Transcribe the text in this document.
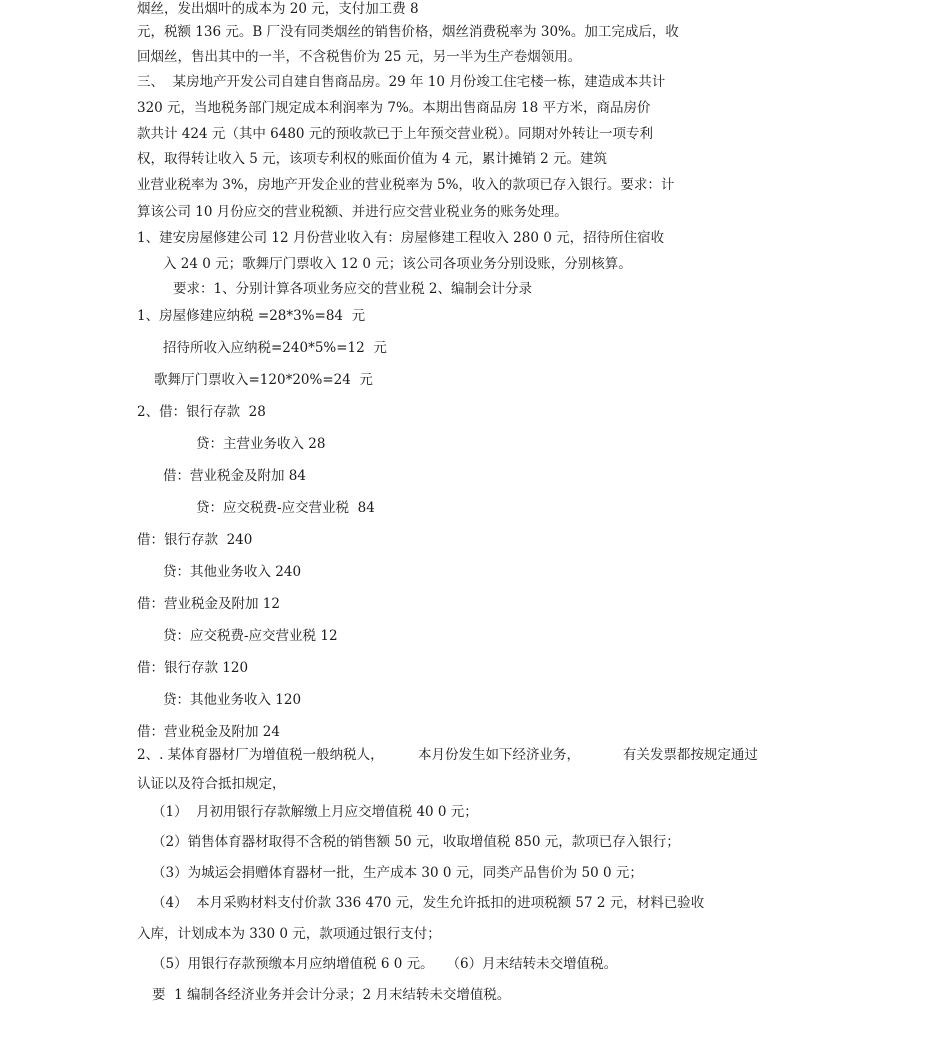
烟丝，发出烟叶的成本为 20 元，支付加工费 8
元，税额 136 元。B 厂没有同类烟丝的销售价格，烟丝消费税率为 30%。加工完成后，收
回烟丝，售出其中的一半，不含税售价为 25 元，另一半为生产卷烟领用。
三、  某房地产开发公司自建自售商品房。29 年 10 月份竣工住宅楼一栋，建造成本共计
320 元，当地税务部门规定成本利润率为 7%。本期出售商品房 18 平方米，商品房价
款共计 424 元（其中 6480 元的预收款已于上年预交营业税）。同期对外转让一项专利
权，取得转让收入 5 元，该项专利权的账面价值为 4 元，累计摊销 2 元。建筑
业营业税率为 3%，房地产开发企业的营业税率为 5%，收入的款项已存入银行。要求：计
算该公司 10 月份应交的营业税额、并进行应交营业税业务的账务处理。
1、建安房屋修建公司 12 月份营业收入有：房屋修建工程收入 280 0 元，招待所住宿收
入 24 0 元；歌舞厅门票收入 12 0 元；该公司各项业务分别设账，分别核算。
要求：1、分别计算各项业务应交的营业税 2、编制会计分录
1、房屋修建应纳税 =28*3%=84  元
招待所收入应纳税=240*5%=12  元
歌舞厅门票收入=120*20%=24  元
2、借：银行存款  28
贷：主营业务收入 28
借：营业税金及附加 84
贷：应交税费-应交营业税  84
借：银行存款  240
贷：其他业务收入 240
借：营业税金及附加 12
贷：应交税费-应交营业税 12
借：银行存款 120
贷：其他业务收入 120
借：营业税金及附加 24
2、. 某体育器材厂为增值税一般纳税人，        本月份发生如下经济业务，          有关发票都按规定通过
认证以及符合抵扣规定，
（1）  月初用银行存款解缴上月应交增值税 40 0 元；
（2）销售体育器材取得不含税的销售额 50 元，收取增值税 850 元，款项已存入银行；
（3）为城运会捐赠体育器材一批，生产成本 30 0 元，同类产品售价为 50 0 元；
（4）  本月采购材料支付价款 336 470 元，发生允许抵扣的进项税额 57 2 元，材料已验收
入库，计划成本为 330 0 元，款项通过银行支付；
（5）用银行存款预缴本月应纳增值税 6 0 元。   （6）月末结转未交增值税。
要  1 编制各经济业务并会计分录；2 月末结转未交增值税。
